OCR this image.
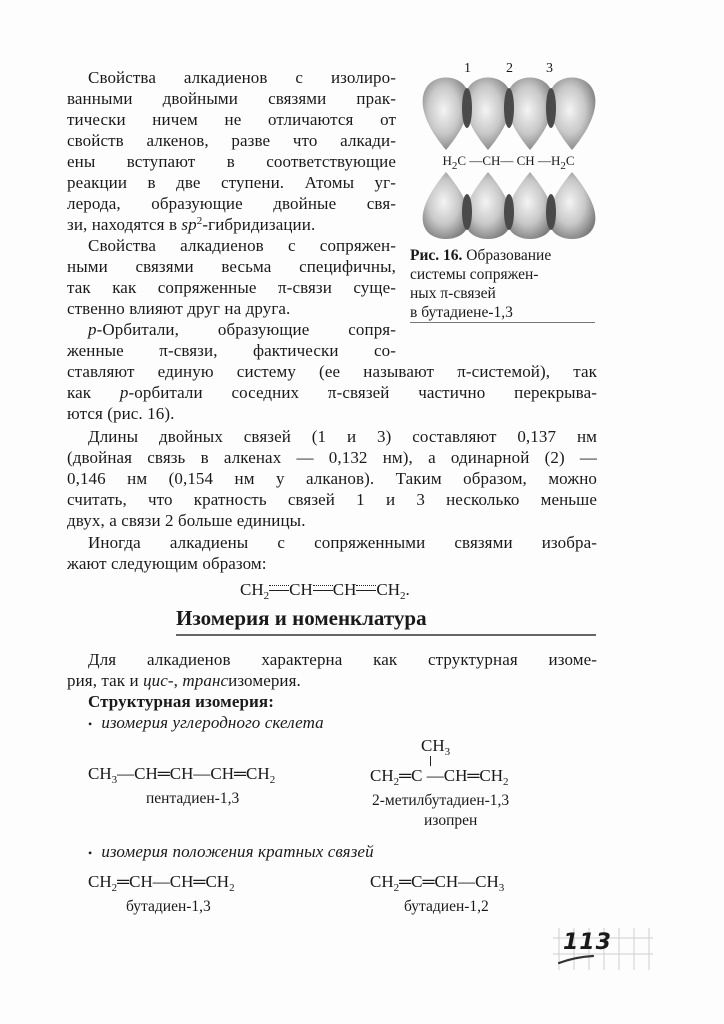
Свойства алкадиенов с изолиро-
ванными двойными связями прак-
тически ничем не отличаются от
свойств алкенов, разве что алкади-
ены вступают в соответствующие
реакции в две ступени. Атомы уг-
лерода, образующие двойные свя-
зи, находятся в $sp^2$-гибридизации.
Свойства алкадиенов с сопряжен-
ными связями весьма специфичны,
так как сопряженные π-связи суще-
ственно влияют друг на друга.
p-Орбитали, образующие сопря-
женные π-связи, фактически со-
ставляют единую систему (ее называют π-системой), так
как p-орбитали соседних π-связей частично перекрыва-
ются (рис. 16).
Длины двойных связей (1 и 3) составляют 0,137 нм
(двойная связь в алкенах — 0,132 нм), а одинарной (2) —
0,146 нм (0,154 нм у алканов). Таким образом, можно
считать, что кратность связей 1 и 3 несколько меньше
двух, а связи 2 больше единицы.
Иногда алкадиены с сопряженными связями изобра-
жают следующим образом:
$CH_2$ CH CH $CH_2$.
1	2 3
$H_2C$ —CH— CH $—H_2C$
Рис. 16. Образование
системы сопряжен-
ных π-связей
в бутадиене-1,3
Изомерия и номенклатура
Для алкадиенов характерна как структурная изоме-
рия, так и цис-, трансизомерия.
Структурная изомерия:
• изомерия углеродного скелета
$CH_3—CH═CH—CH═CH_2$
пентадиен-1,3
$CH_3$
$CH_2═C$ $—CH═CH_2$
2-метилбутадиен-1,3
изопрен
• изомерия положения кратных связей
$CH_2═CH—CH═CH_2$
бутадиен-1,3
$CH_2═C═CH—CH_3$
бутадиен-1,2
113
